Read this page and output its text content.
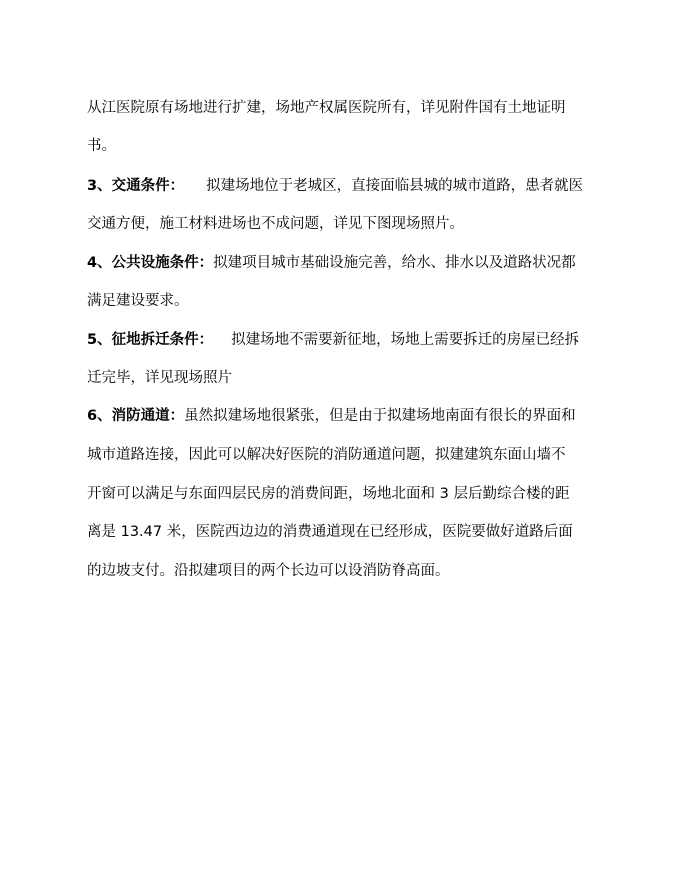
从江医院原有场地进行扩建，场地产权属医院所有，详见附件国有土地证明
书。
3、交通条件： 拟建场地位于老城区，直接面临县城的城市道路，患者就医
交通方便，施工材料进场也不成问题，详见下图现场照片。
4、公共设施条件：拟建项目城市基础设施完善，给水、排水以及道路状况都
满足建设要求。
5、征地拆迁条件： 拟建场地不需要新征地，场地上需要拆迁的房屋已经拆
迁完毕，详见现场照片
6、消防通道：虽然拟建场地很紧张，但是由于拟建场地南面有很长的界面和
城市道路连接，因此可以解决好医院的消防通道问题，拟建建筑东面山墙不
开窗可以满足与东面四层民房的消费间距，场地北面和 3 层后勤综合楼的距
离是 13.47 米，医院西边边的消费通道现在已经形成，医院要做好道路后面
的边坡支付。沿拟建项目的两个长边可以设消防脊高面。
